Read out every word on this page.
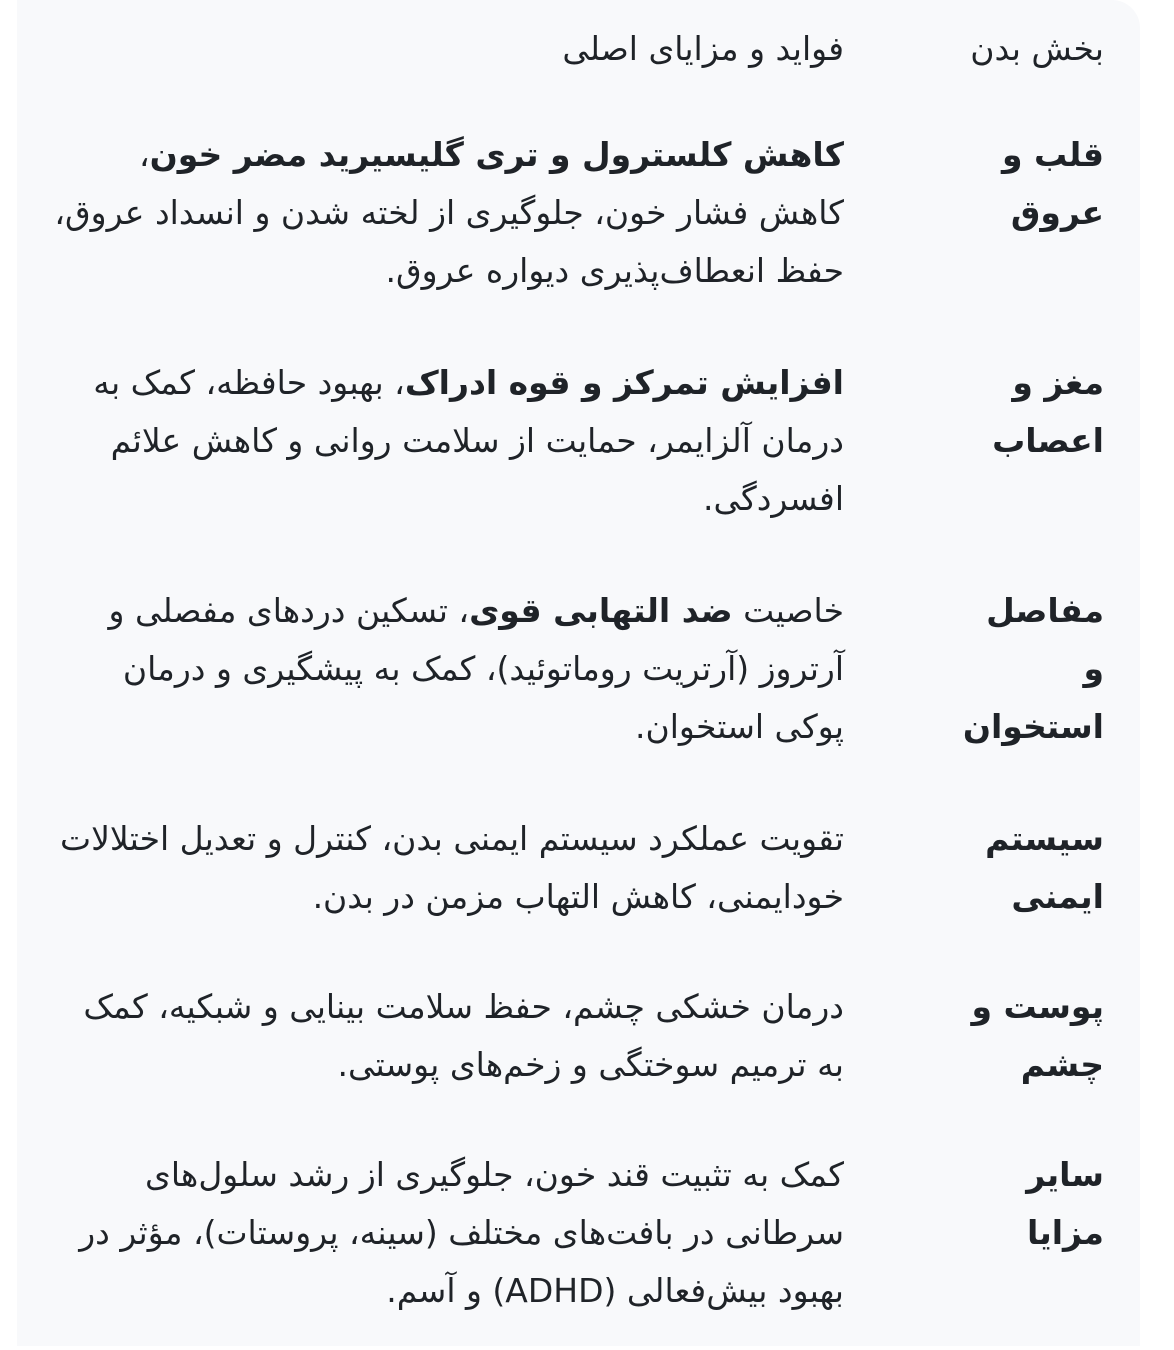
بخش بدن
فواید و مزایای اصلی
قلب و عروق
کاهش کلسترول و تری گلیسیرید مضر خون، کاهش فشار خون، جلوگیری از لخته شدن و انسداد عروق، حفظ انعطاف‌پذیری دیواره عروق.
مغز و اعصاب
افزایش تمرکز و قوه ادراک، بهبود حافظه، کمک به درمان آلزایمر، حمایت از سلامت روانی و کاهش علائم افسردگی.
مفاصل و استخوان
خاصیت ضد التهابی قوی، تسکین دردهای مفصلی و آرتروز (آرتریت روماتوئید)، کمک به پیشگیری و درمان پوکی استخوان.
سیستم ایمنی
تقویت عملکرد سیستم ایمنی بدن، کنترل و تعدیل اختلالات خودایمنی، کاهش التهاب مزمن در بدن.
پوست و چشم
درمان خشکی چشم، حفظ سلامت بینایی و شبکیه، کمک به ترمیم سوختگی و زخم‌های پوستی.
سایر مزایا
کمک به تثبیت قند خون، جلوگیری از رشد سلول‌های سرطانی در بافت‌های مختلف (سینه، پروستات)، مؤثر در بهبود بیش‌فعالی (ADHD) و آسم.
